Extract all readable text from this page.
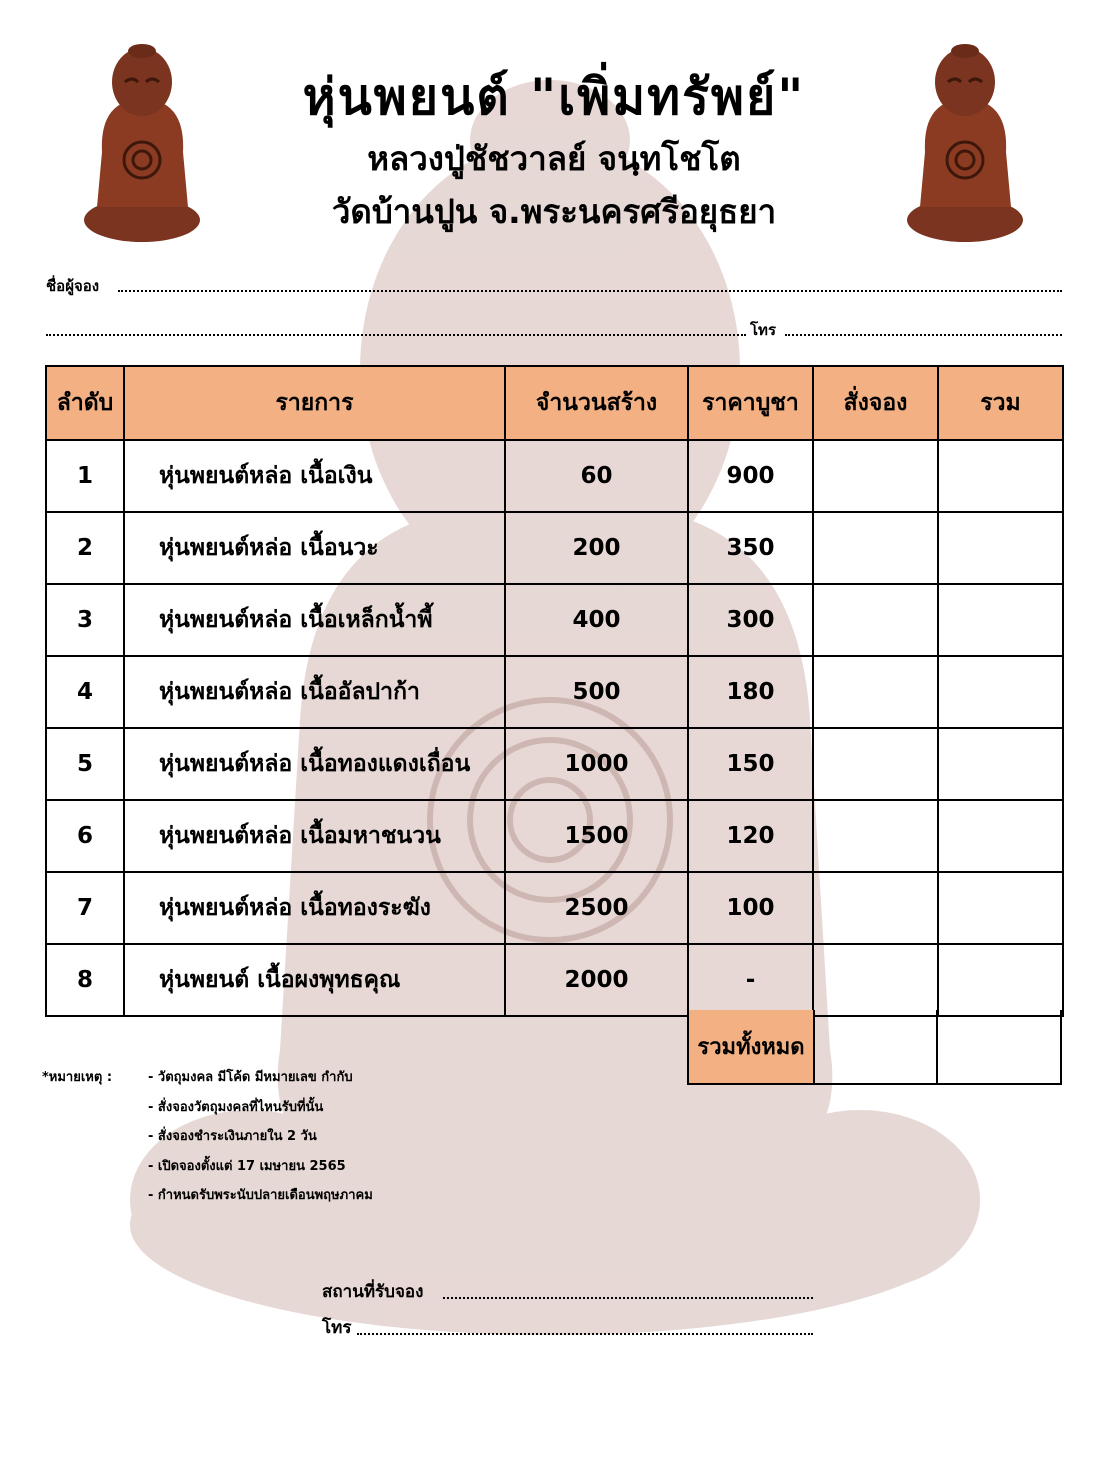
หุ่นพยนต์ "เพิ่มทรัพย์"
หลวงปู่ชัชวาลย์ จนฺทโชโต
วัดบ้านปูน จ.พระนครศรีอยุธยา
ชื่อผู้จอง
โทร
ลำดับ	รายการ	จำนวนสร้าง	ราคาบูชา	สั่งจอง	รวม
1	หุ่นพยนต์หล่อ เนื้อเงิน	60	900		
2	หุ่นพยนต์หล่อ เนื้อนวะ	200	350		
3	หุ่นพยนต์หล่อ เนื้อเหล็กน้ำพี้	400	300		
4	หุ่นพยนต์หล่อ เนื้ออัลปาก้า	500	180		
5	หุ่นพยนต์หล่อ เนื้อทองแดงเถื่อน	1000	150		
6	หุ่นพยนต์หล่อ เนื้อมหาชนวน	1500	120		
7	หุ่นพยนต์หล่อ เนื้อทองระฆัง	2500	100		
8	หุ่นพยนต์ เนื้อผงพุทธคุณ	2000	-		
รวมทั้งหมด
*หมายเหตุ :	- วัตถุมงคล มีโค้ด มีหมายเลข กำกับ
- สั่งจองวัตถุมงคลที่ไหนรับที่นั้น
- สั่งจองชำระเงินภายใน 2 วัน
- เปิดจองตั้งแต่ 17 เมษายน 2565
- กำหนดรับพระนับปลายเดือนพฤษภาคม
สถานที่รับจอง
โทร
